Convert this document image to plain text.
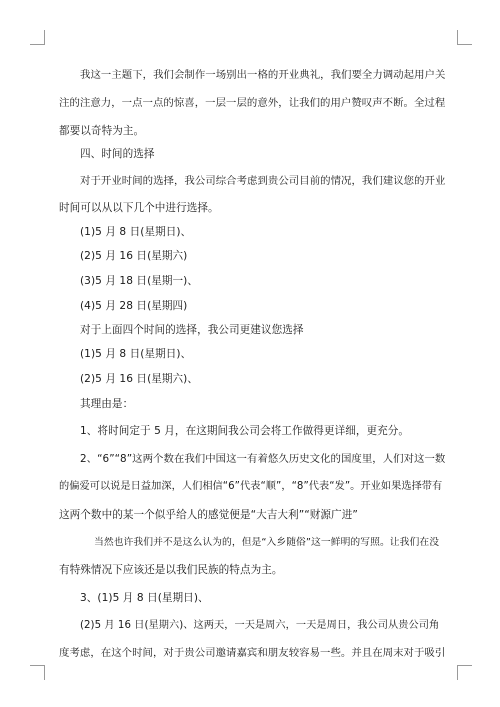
我这一主题下，我们会制作一场别出一格的开业典礼，我们要全力调动起用户关
注的注意力，一点一点的惊喜，一层一层的意外，让我们的用户赞叹声不断。全过程
都要以奇特为主。
四、时间的选择
对于开业时间的选择，我公司综合考虑到贵公司目前的情况，我们建议您的开业
时间可以从以下几个中进行选择。
(1)5 月 8 日(星期日)、
(2)5 月 16 日(星期六)
(3)5 月 18 日(星期一)、
(4)5 月 28 日(星期四)
对于上面四个时间的选择，我公司更建议您选择
(1)5 月 8 日(星期日)、
(2)5 月 16 日(星期六)、
其理由是：
1、将时间定于 5 月，在这期间我公司会将工作做得更详细，更充分。
2、“6”“8”这两个数在我们中国这一有着悠久历史文化的国度里，人们对这一数
的偏爱可以说是日益加深，人们相信“6”代表“顺”，“8”代表“发”。开业如果选择带有
这两个数中的某一个似乎给人的感觉便是“大吉大利”“财源广进”
当然也许我们并不是这么认为的，但是“入乡随俗”这一鲜明的写照。让我们在没
有特殊情况下应该还是以我们民族的特点为主。
3、(1)5 月 8 日(星期日)、
(2)5 月 16 日(星期六)、这两天，一天是周六，一天是周日，我公司从贵公司角
度考虑，在这个时间，对于贵公司邀请嘉宾和朋友较容易一些。并且在周末对于吸引
